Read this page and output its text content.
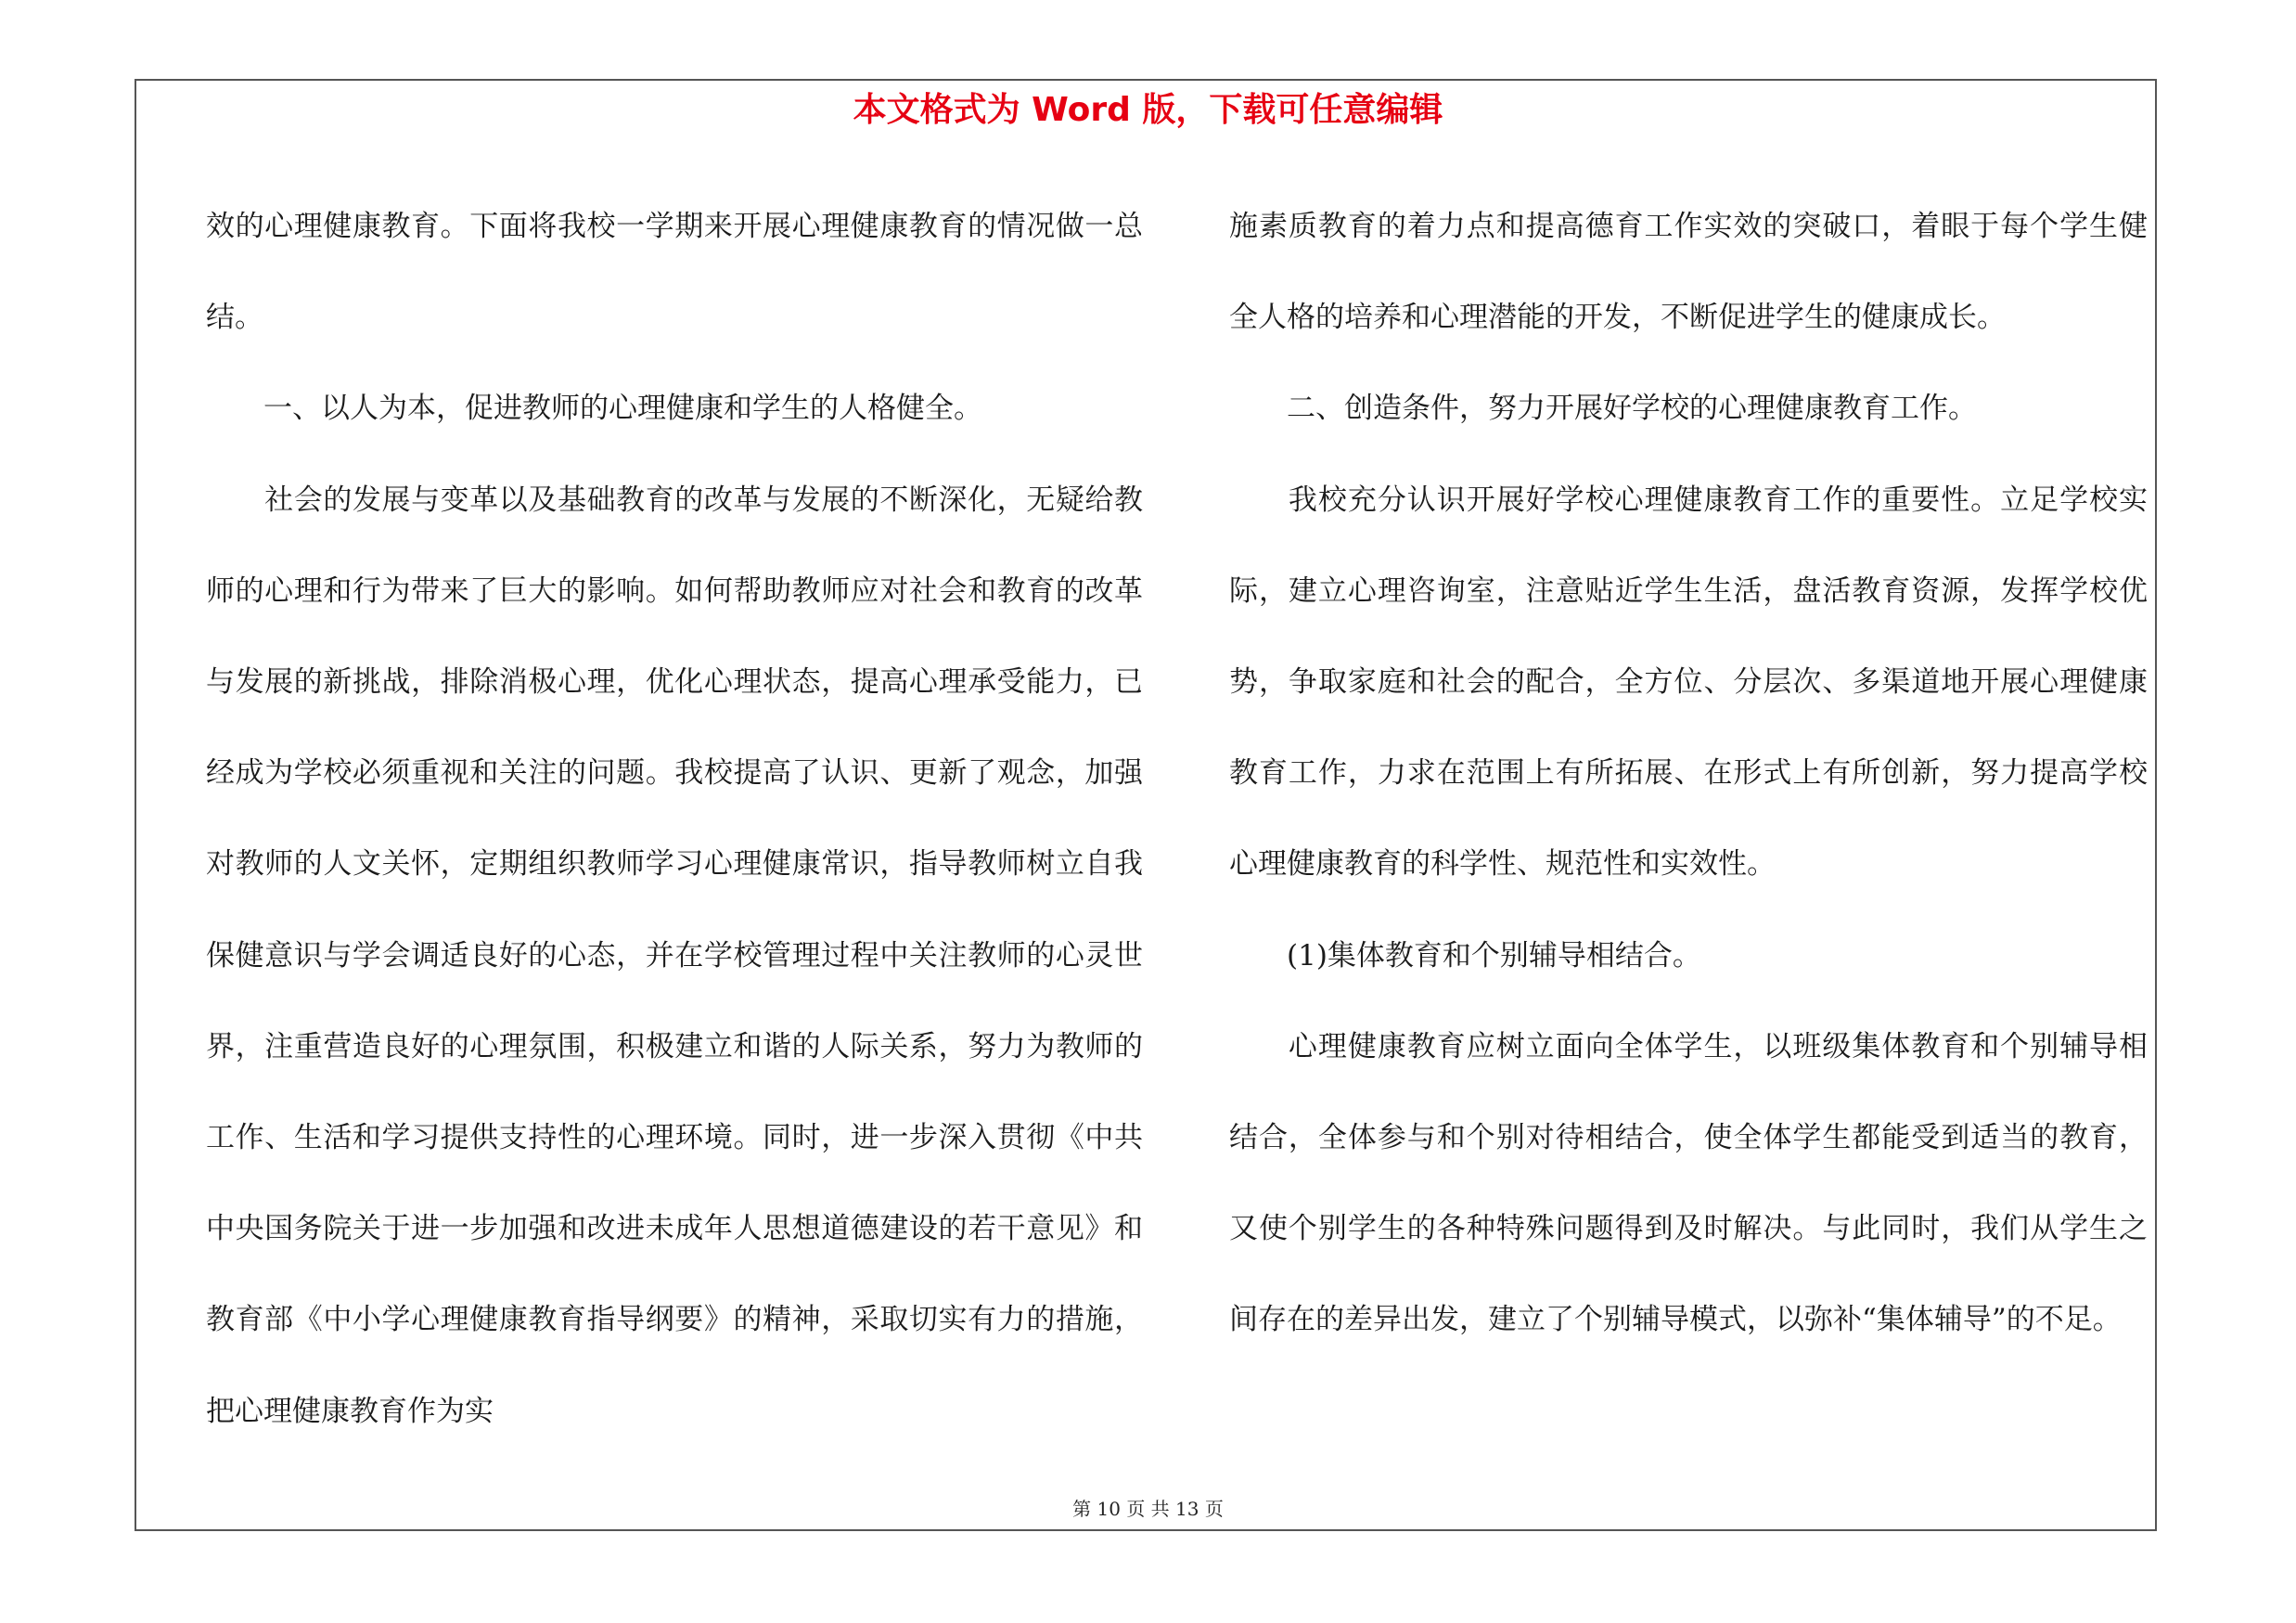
本文格式为 Word 版，下载可任意编辑

效的心理健康教育。下面将我校一学期来开展心理健康教育的情况做一总结。

　　一、以人为本，促进教师的心理健康和学生的人格健全。

　　社会的发展与变革以及基础教育的改革与发展的不断深化，无疑给教师的心理和行为带来了巨大的影响。如何帮助教师应对社会和教育的改革与发展的新挑战，排除消极心理，优化心理状态，提高心理承受能力，已经成为学校必须重视和关注的问题。我校提高了认识、更新了观念，加强对教师的人文关怀，定期组织教师学习心理健康常识，指导教师树立自我保健意识与学会调适良好的心态，并在学校管理过程中关注教师的心灵世界，注重营造良好的心理氛围，积极建立和谐的人际关系，努力为教师的工作、生活和学习提供支持性的心理环境。同时，进一步深入贯彻《中共中央国务院关于进一步加强和改进未成年人思想道德建设的若干意见》和教育部《中小学心理健康教育指导纲要》的精神，采取切实有力的措施，把心理健康教育作为实

施素质教育的着力点和提高德育工作实效的突破口，着眼于每个学生健全人格的培养和心理潜能的开发，不断促进学生的健康成长。

　　二、创造条件，努力开展好学校的心理健康教育工作。

　　我校充分认识开展好学校心理健康教育工作的重要性。立足学校实际，建立心理咨询室，注意贴近学生生活，盘活教育资源，发挥学校优势，争取家庭和社会的配合，全方位、分层次、多渠道地开展心理健康教育工作，力求在范围上有所拓展、在形式上有所创新，努力提高学校心理健康教育的科学性、规范性和实效性。

　　(1)集体教育和个别辅导相结合。

　　心理健康教育应树立面向全体学生，以班级集体教育和个别辅导相结合，全体参与和个别对待相结合，使全体学生都能受到适当的教育，又使个别学生的各种特殊问题得到及时解决。与此同时，我们从学生之间存在的差异出发，建立了个别辅导模式，以弥补“集体辅导”的不足。

第 10 页 共 13 页
